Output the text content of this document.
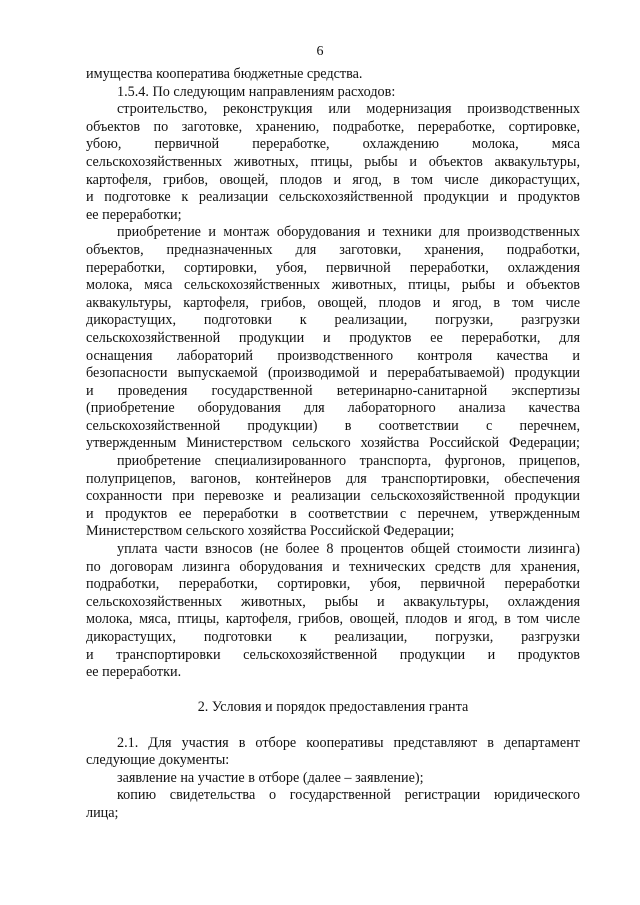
6
имущества кооператива бюджетные средства.
1.5.4. По следующим направлениям расходов:
строительство, реконструкция или модернизация производственных
объектов по заготовке, хранению, подработке, переработке, сортировке,
убою, первичной переработке, охлаждению молока, мяса
сельскохозяйственных животных, птицы, рыбы и объектов аквакультуры,
картофеля, грибов, овощей, плодов и ягод, в том числе дикорастущих,
и подготовке к реализации сельскохозяйственной продукции и продуктов
ее переработки;
приобретение и монтаж оборудования и техники для производственных
объектов, предназначенных для заготовки, хранения, подработки,
переработки, сортировки, убоя, первичной переработки, охлаждения
молока, мяса сельскохозяйственных животных, птицы, рыбы и объектов
аквакультуры, картофеля, грибов, овощей, плодов и ягод, в том числе
дикорастущих, подготовки к реализации, погрузки, разгрузки
сельскохозяйственной продукции и продуктов ее переработки, для
оснащения лабораторий производственного контроля качества и
безопасности выпускаемой (производимой и перерабатываемой) продукции
и проведения государственной ветеринарно-санитарной экспертизы
(приобретение оборудования для лабораторного анализа качества
сельскохозяйственной продукции) в соответствии с перечнем,
утвержденным Министерством сельского хозяйства Российской Федерации;
приобретение специализированного транспорта, фургонов, прицепов,
полуприцепов, вагонов, контейнеров для транспортировки, обеспечения
сохранности при перевозке и реализации сельскохозяйственной продукции
и продуктов ее переработки в соответствии с перечнем, утвержденным
Министерством сельского хозяйства Российской Федерации;
уплата части взносов (не более 8 процентов общей стоимости лизинга)
по договорам лизинга оборудования и технических средств для хранения,
подработки, переработки, сортировки, убоя, первичной переработки
сельскохозяйственных животных, рыбы и аквакультуры, охлаждения
молока, мяса, птицы, картофеля, грибов, овощей, плодов и ягод, в том числе
дикорастущих, подготовки к реализации, погрузки, разгрузки
и транспортировки сельскохозяйственной продукции и продуктов
ее переработки.
2. Условия и порядок предоставления гранта
2.1. Для участия в отборе кооперативы представляют в департамент
следующие документы:
заявление на участие в отборе (далее – заявление);
копию свидетельства о государственной регистрации юридического
лица;
